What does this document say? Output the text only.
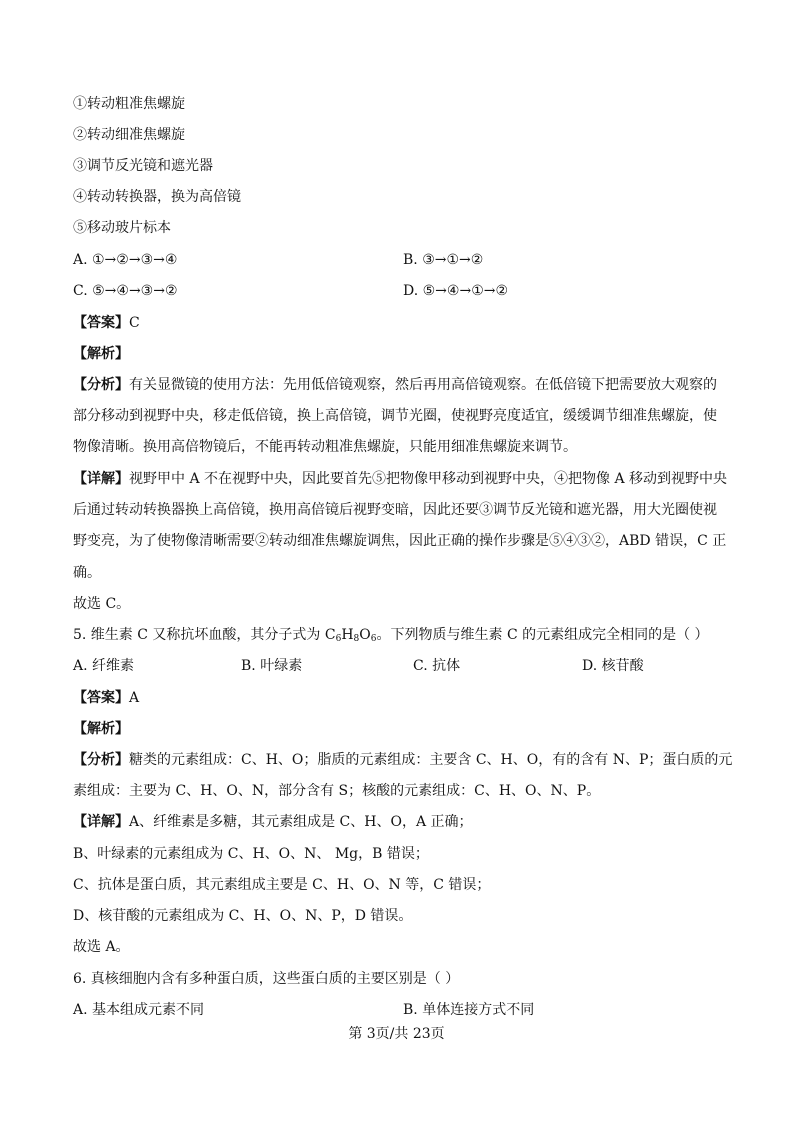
①转动粗准焦螺旋
②转动细准焦螺旋
③调节反光镜和遮光器
④转动转换器，换为高倍镜
⑤移动玻片标本
A. ①→②→③→④	B. ③→①→②
C. ⑤→④→③→②	D. ⑤→④→①→②
【答案】C
【解析】
【分析】有关显微镜的使用方法：先用低倍镜观察，然后再用高倍镜观察。在低倍镜下把需要放大观察的
部分移动到视野中央，移走低倍镜，换上高倍镜，调节光圈，使视野亮度适宜，缓缓调节细准焦螺旋，使
物像清晰。换用高倍物镜后，不能再转动粗准焦螺旋，只能用细准焦螺旋来调节。
【详解】视野甲中 A 不在视野中央，因此要首先⑤把物像甲移动到视野中央，④把物像 A 移动到视野中央
后通过转动转换器换上高倍镜，换用高倍镜后视野变暗，因此还要③调节反光镜和遮光器，用大光圈使视
野变亮，为了使物像清晰需要②转动细准焦螺旋调焦，因此正确的操作步骤是⑤④③②，ABD 错误，C 正
确。
故选 C。
5. 维生素 C 又称抗坏血酸，其分子式为 $C_6H_8O_6$。下列物质与维生素 C 的元素组成完全相同的是（ ）
A. 纤维素	B. 叶绿素	C. 抗体	D. 核苷酸
【答案】A
【解析】
【分析】糖类的元素组成：C、H、O；脂质的元素组成：主要含 C、H、O，有的含有 N、P；蛋白质的元
素组成：主要为 C、H、O、N，部分含有 S；核酸的元素组成：C、H、O、N、P。
【详解】A、纤维素是多糖，其元素组成是 C、H、O，A 正确；
B、叶绿素的元素组成为 C、H、O、N、 Mg，B 错误；
C、抗体是蛋白质，其元素组成主要是 C、H、O、N 等，C 错误；
D、核苷酸的元素组成为 C、H、O、N、P，D 错误。
故选 A。
6. 真核细胞内含有多种蛋白质，这些蛋白质的主要区别是（ ）
A. 基本组成元素不同	B. 单体连接方式不同
第 3页/共 23页
